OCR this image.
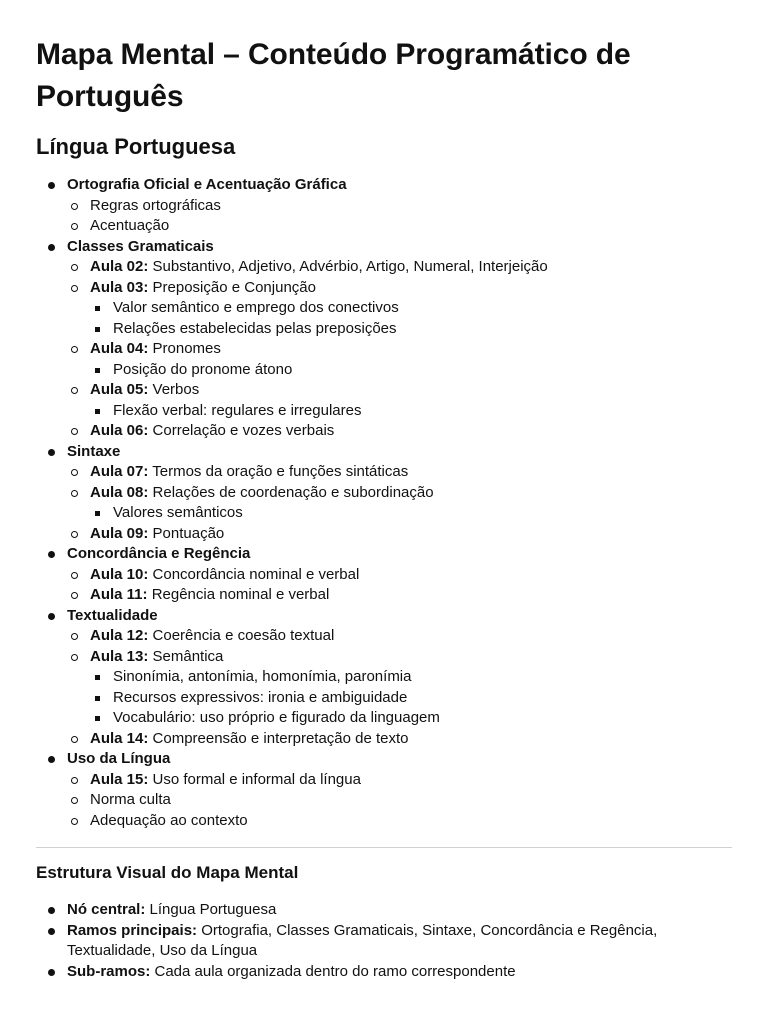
Mapa Mental – Conteúdo Programático de Português
Língua Portuguesa
Ortografia Oficial e Acentuação Gráfica
Regras ortográficas
Acentuação
Classes Gramaticais
Aula 02: Substantivo, Adjetivo, Advérbio, Artigo, Numeral, Interjeição
Aula 03: Preposição e Conjunção
Valor semântico e emprego dos conectivos
Relações estabelecidas pelas preposições
Aula 04: Pronomes
Posição do pronome átono
Aula 05: Verbos
Flexão verbal: regulares e irregulares
Aula 06: Correlação e vozes verbais
Sintaxe
Aula 07: Termos da oração e funções sintáticas
Aula 08: Relações de coordenação e subordinação
Valores semânticos
Aula 09: Pontuação
Concordância e Regência
Aula 10: Concordância nominal e verbal
Aula 11: Regência nominal e verbal
Textualidade
Aula 12: Coerência e coesão textual
Aula 13: Semântica
Sinonímia, antonímia, homonímia, paronímia
Recursos expressivos: ironia e ambiguidade
Vocabulário: uso próprio e figurado da linguagem
Aula 14: Compreensão e interpretação de texto
Uso da Língua
Aula 15: Uso formal e informal da língua
Norma culta
Adequação ao contexto
Estrutura Visual do Mapa Mental
Nó central: Língua Portuguesa
Ramos principais: Ortografia, Classes Gramaticais, Sintaxe, Concordância e Regência, Textualidade, Uso da Língua
Sub-ramos: Cada aula organizada dentro do ramo correspondente
